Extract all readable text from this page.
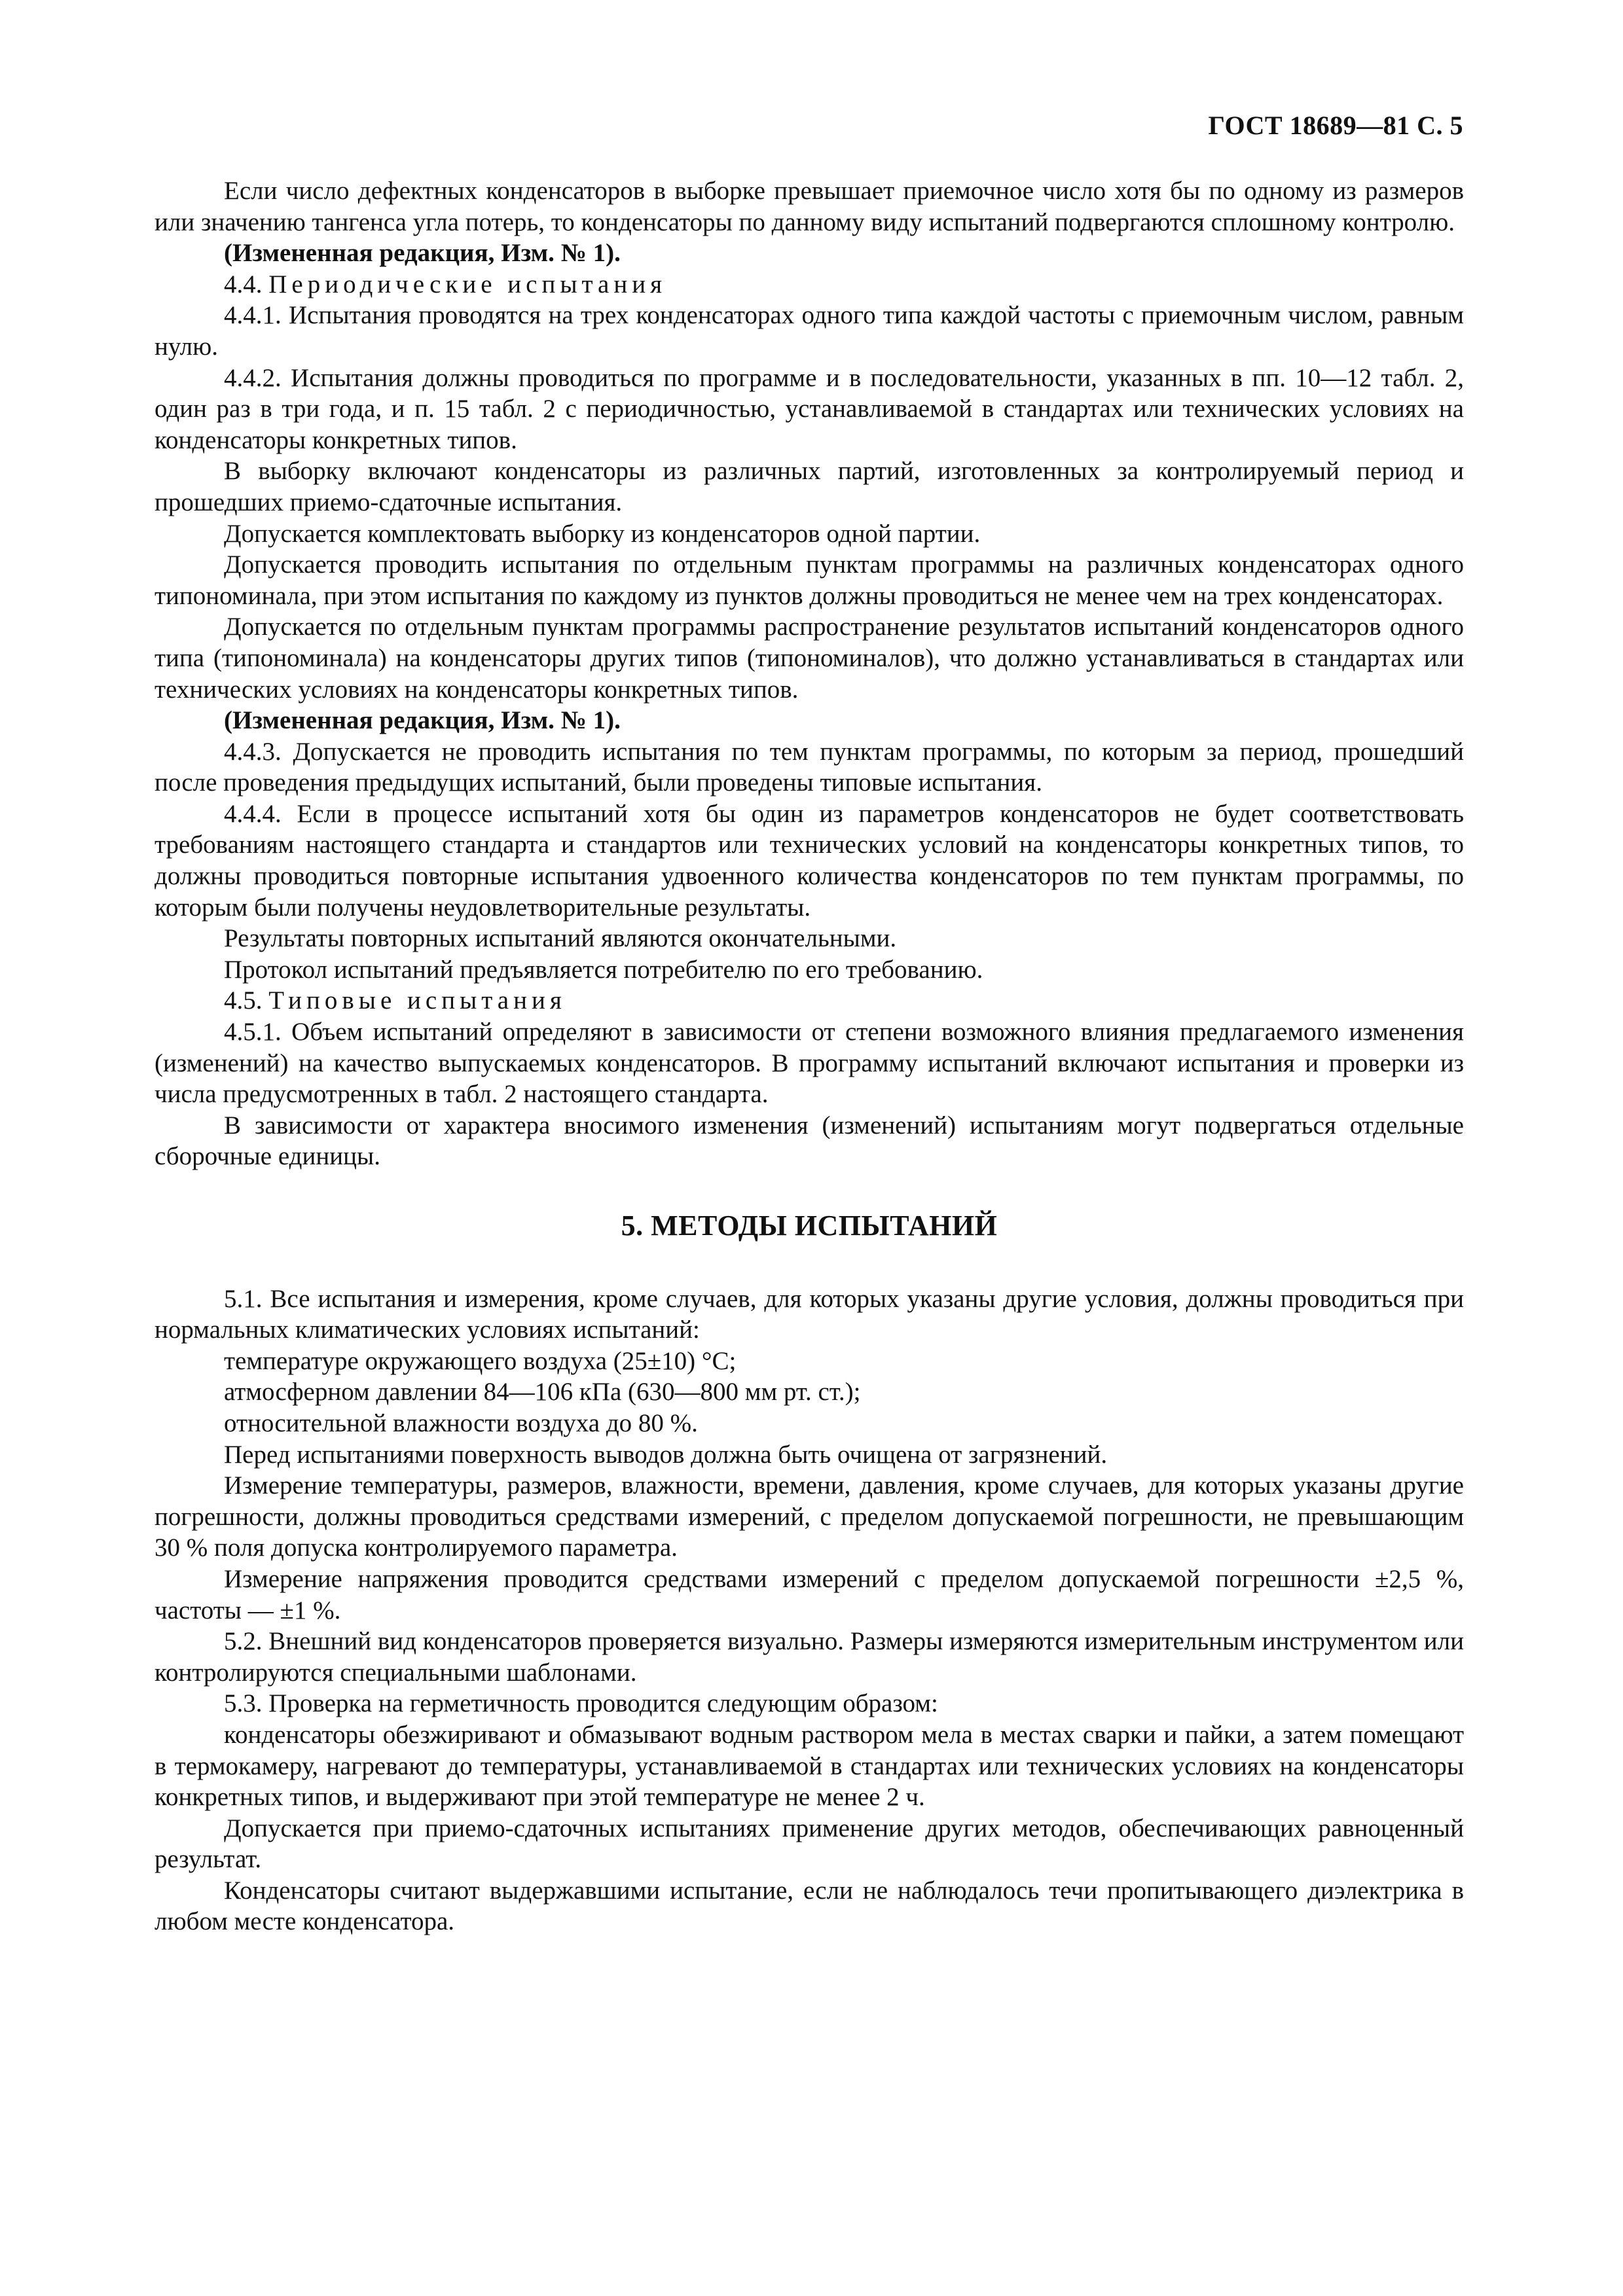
ГОСТ 18689—81 С. 5

Если число дефектных конденсаторов в выборке превышает приемочное число хотя бы по одному из размеров или значению тангенса угла потерь, то конденсаторы по данному виду испытаний подвергаются сплошному контролю.

(Измененная редакция, Изм. № 1).

4.4. Периодические испытания

4.4.1. Испытания проводятся на трех конденсаторах одного типа каждой частоты с приемочным числом, равным нулю.

4.4.2. Испытания должны проводиться по программе и в последовательности, указанных в пп. 10—12 табл. 2, один раз в три года, и п. 15 табл. 2 с периодичностью, устанавливаемой в стандартах или технических условиях на конденсаторы конкретных типов.

В выборку включают конденсаторы из различных партий, изготовленных за контролируемый период и прошедших приемо-сдаточные испытания.

Допускается комплектовать выборку из конденсаторов одной партии.

Допускается проводить испытания по отдельным пунктам программы на различных конденсаторах одного типономинала, при этом испытания по каждому из пунктов должны проводиться не менее чем на трех конденсаторах.

Допускается по отдельным пунктам программы распространение результатов испытаний конденсаторов одного типа (типономинала) на конденсаторы других типов (типономиналов), что должно устанавливаться в стандартах или технических условиях на конденсаторы конкретных типов.

(Измененная редакция, Изм. № 1).

4.4.3. Допускается не проводить испытания по тем пунктам программы, по которым за период, прошедший после проведения предыдущих испытаний, были проведены типовые испытания.

4.4.4. Если в процессе испытаний хотя бы один из параметров конденсаторов не будет соответствовать требованиям настоящего стандарта и стандартов или технических условий на конденсаторы конкретных типов, то должны проводиться повторные испытания удвоенного количества конденсаторов по тем пунктам программы, по которым были получены неудовлетворительные результаты.

Результаты повторных испытаний являются окончательными.

Протокол испытаний предъявляется потребителю по его требованию.

4.5. Типовые испытания

4.5.1. Объем испытаний определяют в зависимости от степени возможного влияния предлагаемого изменения (изменений) на качество выпускаемых конденсаторов. В программу испытаний включают испытания и проверки из числа предусмотренных в табл. 2 настоящего стандарта.

В зависимости от характера вносимого изменения (изменений) испытаниям могут подвергаться отдельные сборочные единицы.

5. МЕТОДЫ ИСПЫТАНИЙ

5.1. Все испытания и измерения, кроме случаев, для которых указаны другие условия, должны проводиться при нормальных климатических условиях испытаний:

температуре окружающего воздуха (25±10) °С;

атмосферном давлении 84—106 кПа (630—800 мм рт. ст.);

относительной влажности воздуха до 80 %.

Перед испытаниями поверхность выводов должна быть очищена от загрязнений.

Измерение температуры, размеров, влажности, времени, давления, кроме случаев, для которых указаны другие погрешности, должны проводиться средствами измерений, с пределом допускаемой погрешности, не превышающим 30 % поля допуска контролируемого параметра.

Измерение напряжения проводится средствами измерений с пределом допускаемой погрешности ±2,5 %, частоты — ±1 %.

5.2. Внешний вид конденсаторов проверяется визуально. Размеры измеряются измерительным инструментом или контролируются специальными шаблонами.

5.3. Проверка на герметичность проводится следующим образом:

конденсаторы обезжиривают и обмазывают водным раствором мела в местах сварки и пайки, а затем помещают в термокамеру, нагревают до температуры, устанавливаемой в стандартах или технических условиях на конденсаторы конкретных типов, и выдерживают при этой температуре не менее 2 ч.

Допускается при приемо-сдаточных испытаниях применение других методов, обеспечивающих равноценный результат.

Конденсаторы считают выдержавшими испытание, если не наблюдалось течи пропитывающего диэлектрика в любом месте конденсатора.
